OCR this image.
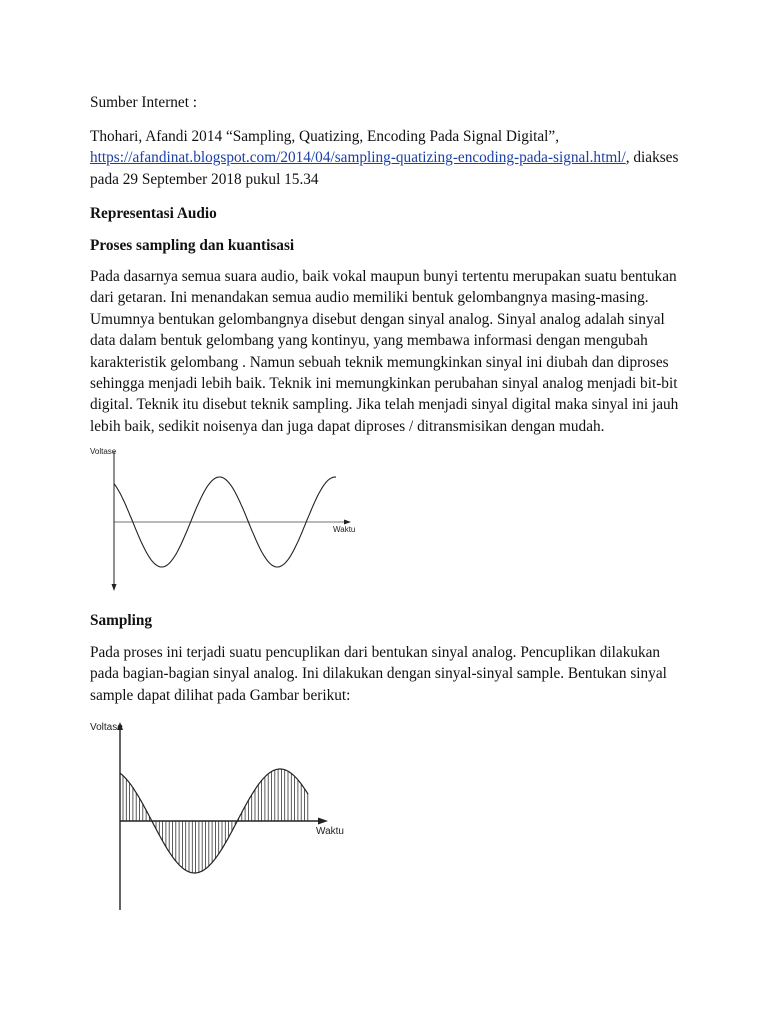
Sumber Internet :

Thohari, Afandi 2014 “Sampling, Quatizing, Encoding Pada Signal Digital”,
https://afandinat.blogspot.com/2014/04/sampling-quatizing-encoding-pada-signal.html/, diakses
pada 29 September 2018 pukul 15.34

Representasi Audio

Proses sampling dan kuantisasi

Pada dasarnya semua suara audio, baik vokal maupun bunyi tertentu merupakan suatu bentukan
dari getaran. Ini menandakan semua audio memiliki bentuk gelombangnya masing-masing.
Umumnya bentukan gelombangnya disebut dengan sinyal analog. Sinyal analog adalah sinyal
data dalam bentuk gelombang yang kontinyu, yang membawa informasi dengan mengubah
karakteristik gelombang . Namun sebuah teknik memungkinkan sinyal ini diubah dan diproses
sehingga menjadi lebih baik. Teknik ini memungkinkan perubahan sinyal analog menjadi bit-bit
digital. Teknik itu disebut teknik sampling. Jika telah menjadi sinyal digital maka sinyal ini jauh
lebih baik, sedikit noisenya dan juga dapat diproses / ditransmisikan dengan mudah.
Voltase
Waktu

Sampling

Pada proses ini terjadi suatu pencuplikan dari bentukan sinyal analog. Pencuplikan dilakukan
pada bagian-bagian sinyal analog. Ini dilakukan dengan sinyal-sinyal sample. Bentukan sinyal
sample dapat dilihat pada Gambar berikut:
Voltase
Waktu
